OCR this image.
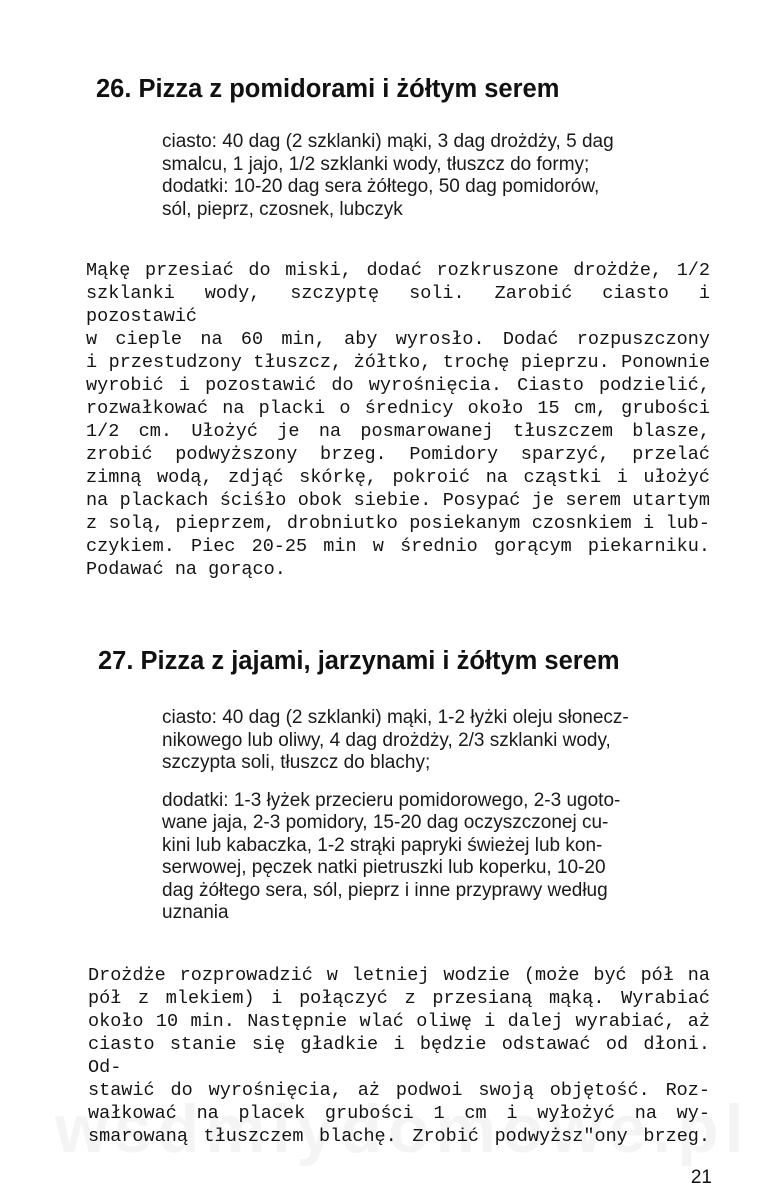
26. Pizza z pomidorami i żółtym serem
ciasto: 40 dag (2 szklanki) mąki, 3 dag drożdży, 5 dag
smalcu, 1 jajo, 1/2 szklanki wody, tłuszcz do formy;
dodatki: 10-20 dag sera żółtego, 50 dag pomidorów,
sól, pieprz, czosnek, lubczyk
Mąkę przesiać do miski, dodać rozkruszone drożdże, 1/2
szklanki wody, szczyptę soli. Zarobić ciasto i pozostawić
w cieple na 60 min, aby wyrosło. Dodać rozpuszczony
i przestudzony tłuszcz, żółtko, trochę pieprzu. Ponownie
wyrobić i pozostawić do wyrośnięcia. Ciasto podzielić,
rozwałkować na placki o średnicy około 15 cm, grubości
1/2 cm. Ułożyć je na posmarowanej tłuszczem blasze,
zrobić podwyższony brzeg. Pomidory sparzyć, przelać
zimną wodą, zdjąć skórkę, pokroić na cząstki i ułożyć
na plackach ściśło obok siebie. Posypać je serem utartym
z solą, pieprzem, drobniutko posiekanym czosnkiem i lub-
czykiem. Piec 20-25 min w średnio gorącym piekarniku.
Podawać na gorąco.
27. Pizza z jajami, jarzynami i żółtym serem
ciasto: 40 dag (2 szklanki) mąki, 1-2 łyżki oleju słonecz-
nikowego lub oliwy, 4 dag drożdży, 2/3 szklanki wody,
szczypta soli, tłuszcz do blachy;
dodatki: 1-3 łyżek przecieru pomidorowego, 2-3 ugoto-
wane jaja, 2-3 pomidory, 15-20 dag oczyszczonej cu-
kini lub kabaczka, 1-2 strąki papryki świeżej lub kon-
serwowej, pęczek natki pietruszki lub koperku, 10-20
dag żółtego sera, sól, pieprz i inne przyprawy według
uznania
Drożdże rozprowadzić w letniej wodzie (może być pół na
pół z mlekiem) i połączyć z przesianą mąką. Wyrabiać
około 10 min. Następnie wlać oliwę i dalej wyrabiać, aż
ciasto stanie się gładkie i będzie odstawać od dłoni. Od-
stawić do wyrośnięcia, aż podwoi swoją objętość. Roz-
wałkować na placek grubości 1 cm i wyłożyć na wy-
smarowaną tłuszczem blachę. Zrobić podwyższ"ony brzeg.
21
